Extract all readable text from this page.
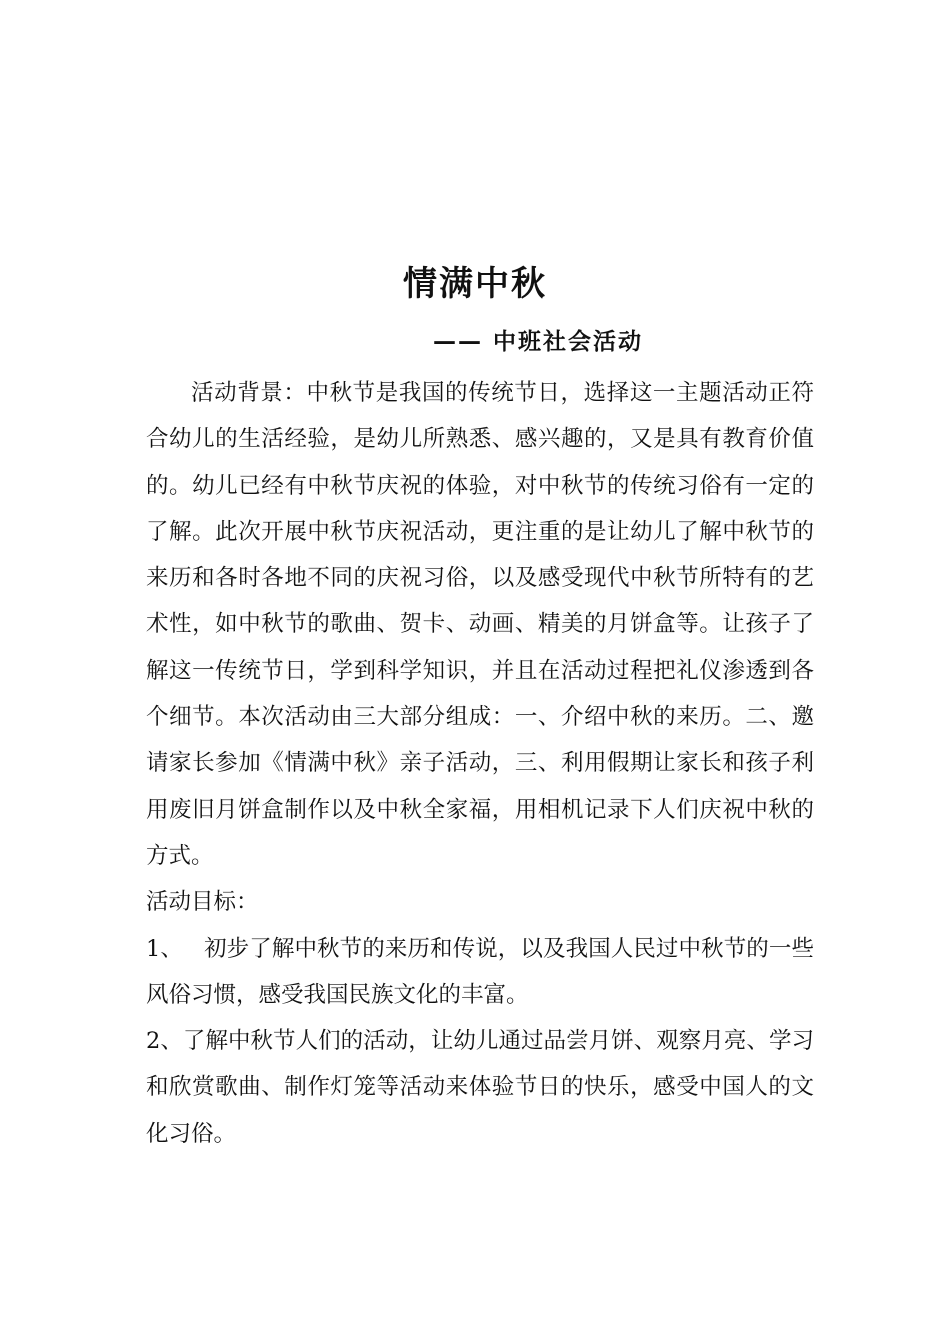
情满中秋
—— 中班社会活动

活动背景：中秋节是我国的传统节日，选择这一主题活动正符合幼儿的生活经验，是幼儿所熟悉、感兴趣的，又是具有教育价值的。幼儿已经有中秋节庆祝的体验，对中秋节的传统习俗有一定的了解。此次开展中秋节庆祝活动，更注重的是让幼儿了解中秋节的来历和各时各地不同的庆祝习俗，以及感受现代中秋节所特有的艺术性，如中秋节的歌曲、贺卡、动画、精美的月饼盒等。让孩子了解这一传统节日，学到科学知识，并且在活动过程把礼仪渗透到各个细节。本次活动由三大部分组成：一、介绍中秋的来历。二、邀请家长参加《情满中秋》亲子活动，三、利用假期让家长和孩子利用废旧月饼盒制作以及中秋全家福，用相机记录下人们庆祝中秋的方式。

活动目标：

1、 初步了解中秋节的来历和传说，以及我国人民过中秋节的一些风俗习惯，感受我国民族文化的丰富。

2、了解中秋节人们的活动，让幼儿通过品尝月饼、观察月亮、学习和欣赏歌曲、制作灯笼等活动来体验节日的快乐，感受中国人的文化习俗。
